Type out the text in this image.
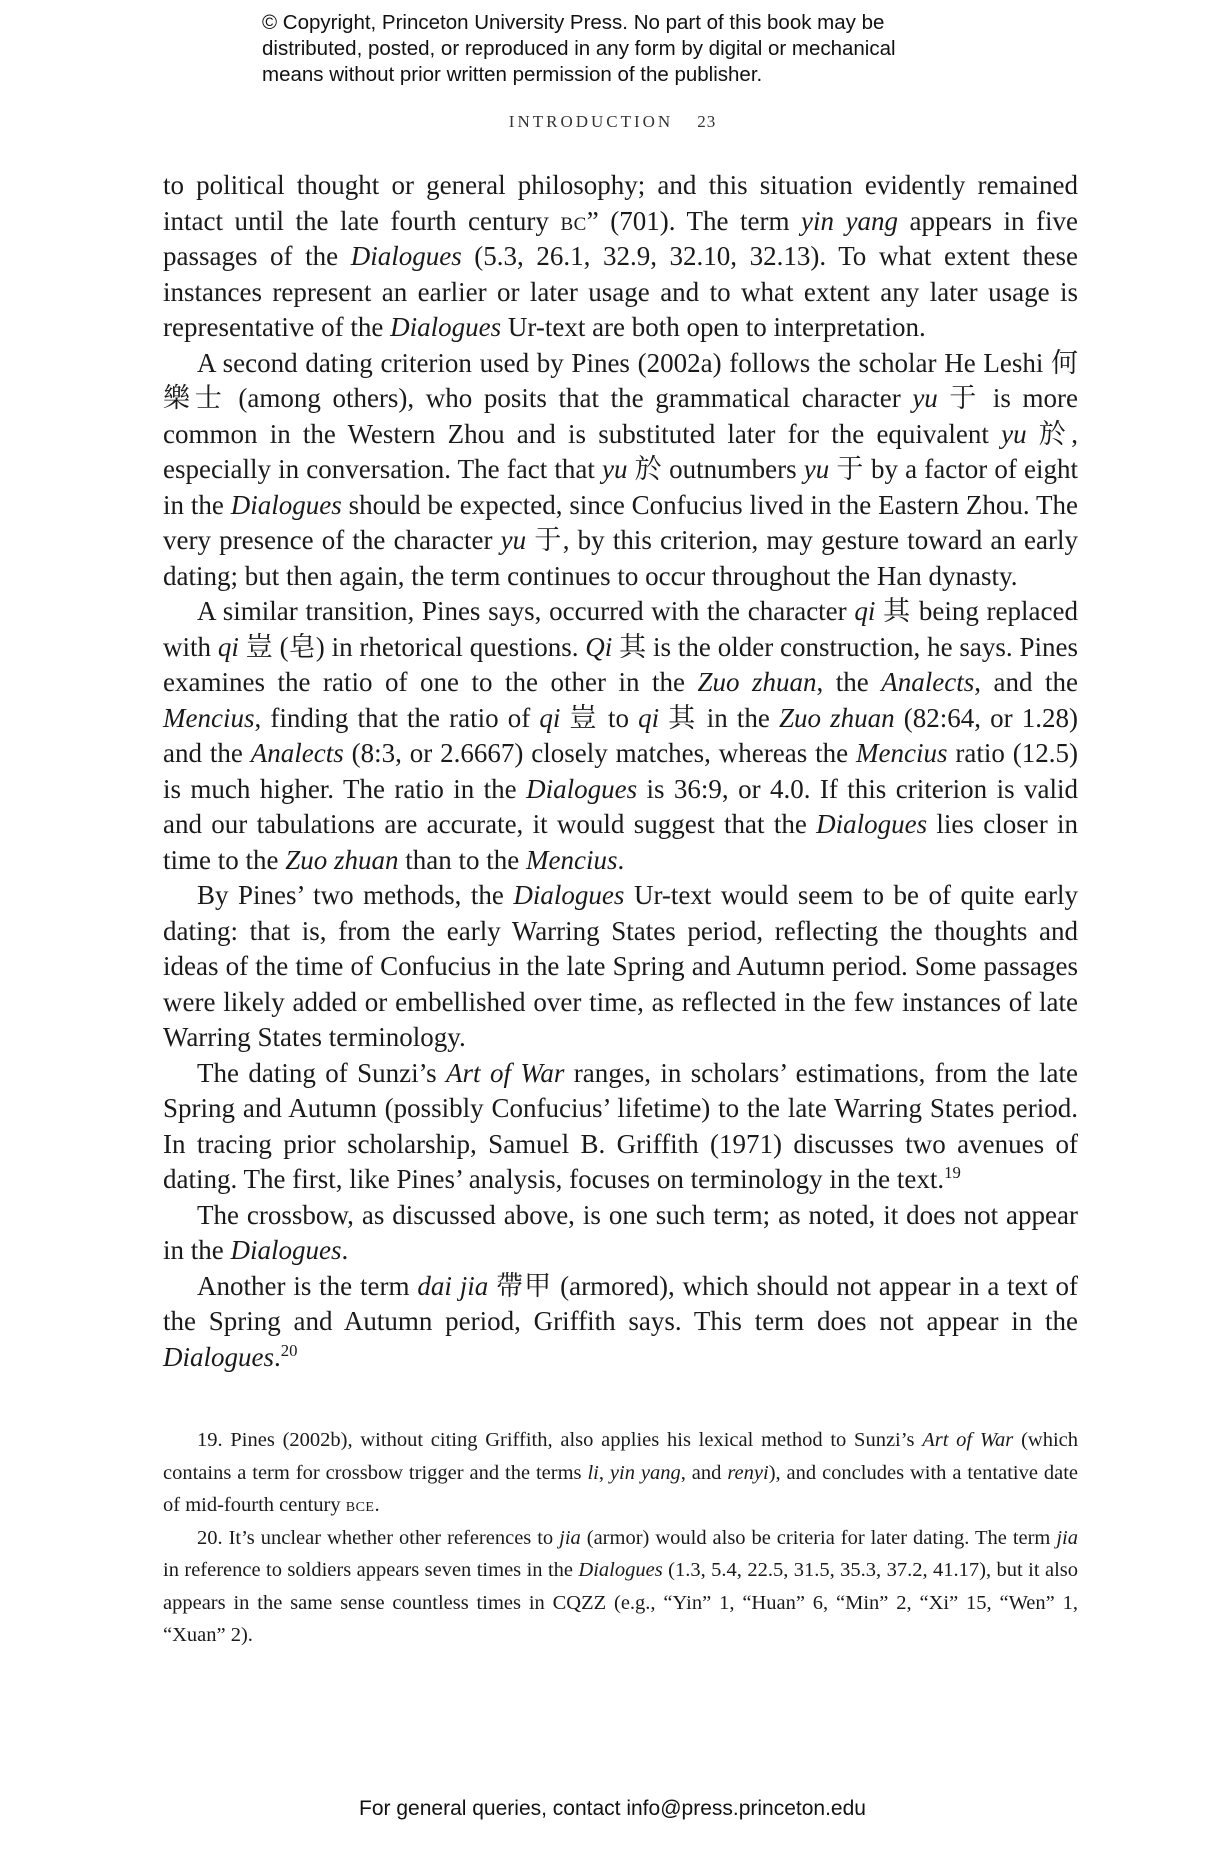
© Copyright, Princeton University Press. No part of this book may be
distributed, posted, or reproduced in any form by digital or mechanical
means without prior written permission of the publisher.
INTRODUCTION 23

to political thought or general philosophy; and this situation evidently remained intact until the late fourth century bc” (701). The term yin yang appears in five passages of the Dialogues (5.3, 26.1, 32.9, 32.10, 32.13). To what extent these instances represent an earlier or later usage and to what extent any later usage is representative of the Dialogues Ur-text are both open to interpretation.

A second dating criterion used by Pines (2002a) follows the scholar He Leshi 何樂士 (among others), who posits that the grammatical character yu 于 is more common in the Western Zhou and is substituted later for the equivalent yu 於, especially in conversation. The fact that yu 於 outnumbers yu 于 by a factor of eight in the Dialogues should be expected, since Confucius lived in the Eastern Zhou. The very presence of the character yu 于, by this criterion, may gesture toward an early dating; but then again, the term continues to occur throughout the Han dynasty.

A similar transition, Pines says, occurred with the character qi 其 being replaced with qi 豈 (皂) in rhetorical questions. Qi 其 is the older construction, he says. Pines examines the ratio of one to the other in the Zuo zhuan, the Analects, and the Mencius, finding that the ratio of qi 豈 to qi 其 in the Zuo zhuan (82:64, or 1.28) and the Analects (8:3, or 2.6667) closely matches, whereas the Mencius ratio (12.5) is much higher. The ratio in the Dialogues is 36:9, or 4.0. If this criterion is valid and our tabulations are accurate, it would suggest that the Dialogues lies closer in time to the Zuo zhuan than to the Mencius.

By Pines’ two methods, the Dialogues Ur-text would seem to be of quite early dating: that is, from the early Warring States period, reflecting the thoughts and ideas of the time of Confucius in the late Spring and Autumn period. Some passages were likely added or embellished over time, as reflected in the few instances of late Warring States terminology.

The dating of Sunzi’s Art of War ranges, in scholars’ estimations, from the late Spring and Autumn (possibly Confucius’ lifetime) to the late Warring States period. In tracing prior scholarship, Samuel B. Griffith (1971) discusses two avenues of dating. The first, like Pines’ analysis, focuses on terminology in the text.$^{19}$

The crossbow, as discussed above, is one such term; as noted, it does not appear in the Dialogues.

Another is the term dai jia 帶甲 (armored), which should not appear in a text of the Spring and Autumn period, Griffith says. This term does not appear in the Dialogues.$^{20}$

19. Pines (2002b), without citing Griffith, also applies his lexical method to Sunzi’s Art of War (which contains a term for crossbow trigger and the terms li, yin yang, and renyi), and concludes with a tentative date of mid-fourth century bce.

20. It’s unclear whether other references to jia (armor) would also be criteria for later dating. The term jia in reference to soldiers appears seven times in the Dialogues (1.3, 5.4, 22.5, 31.5, 35.3, 37.2, 41.17), but it also appears in the same sense countless times in CQZZ (e.g., “Yin” 1, “Huan” 6, “Min” 2, “Xi” 15, “Wen” 1, “Xuan” 2).

For general queries, contact info@press.princeton.edu
